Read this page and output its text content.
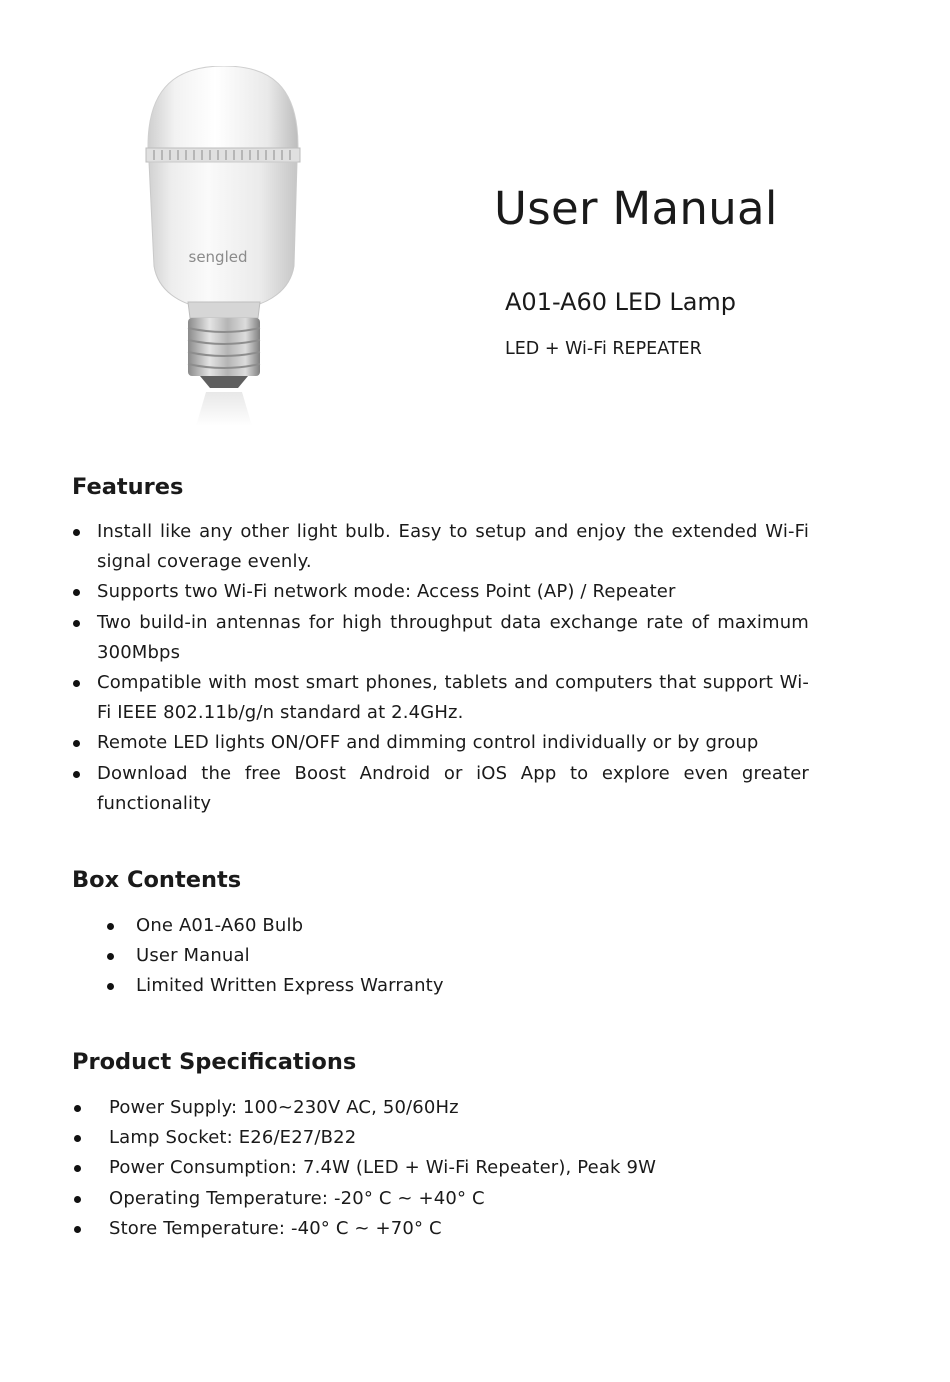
sengled
User Manual
A01-A60 LED Lamp
LED + Wi-Fi REPEATER
Features
Install like any other light bulb. Easy to setup and enjoy the extended Wi-Fi signal coverage evenly.
Supports two Wi-Fi network mode: Access Point (AP) / Repeater
Two build-in antennas for high throughput data exchange rate of maximum 300Mbps
Compatible with most smart phones, tablets and computers that support Wi-Fi IEEE 802.11b/g/n standard at 2.4GHz.
Remote LED lights ON/OFF and dimming control individually or by group
Download the free Boost Android or iOS App to explore even greater functionality
Box Contents
One A01-A60 Bulb
User Manual
Limited Written Express Warranty
Product Specifications
Power Supply: 100~230V AC, 50/60Hz
Lamp Socket: E26/E27/B22
Power Consumption: 7.4W (LED + Wi-Fi Repeater), Peak 9W
Operating Temperature: -20° C ~ +40° C
Store Temperature: -40° C ~ +70° C
